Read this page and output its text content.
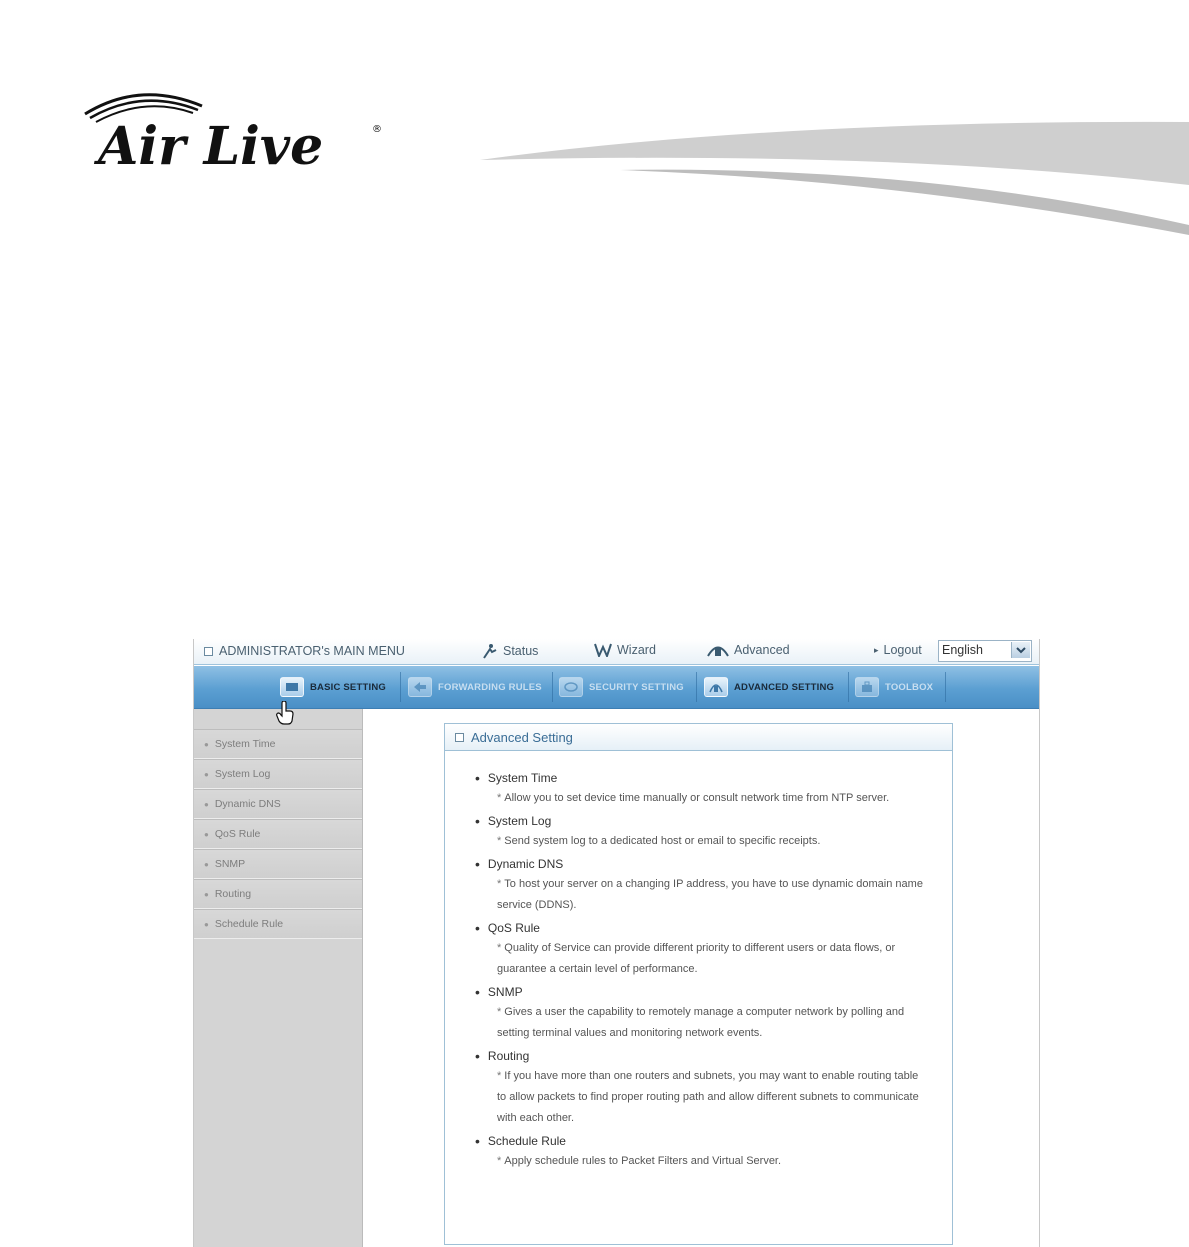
Air Live	®
ADMINISTRATOR's MAIN MENU	Status	Wizard	Advanced	▸ Logout English
BASIC SETTING	FORWARDING RULES	SECURITY SETTING	ADVANCED SETTING	TOOLBOX
● System Time
● System Log
● Dynamic DNS
● QoS Rule
● SNMP
● Routing
● Schedule Rule
Advanced Setting
• System Time
* Allow you to set device time manually or consult network time from NTP server.
• System Log
* Send system log to a dedicated host or email to specific receipts.
• Dynamic DNS
* To host your server on a changing IP address, you have to use dynamic domain name service (DDNS).
• QoS Rule
* Quality of Service can provide different priority to different users or data flows, or guarantee a certain level of performance.
• SNMP
* Gives a user the capability to remotely manage a computer network by polling and setting terminal values and monitoring network events.
• Routing
* If you have more than one routers and subnets, you may want to enable routing table to allow packets to find proper routing path and allow different subnets to communicate with each other.
• Schedule Rule
* Apply schedule rules to Packet Filters and Virtual Server.
